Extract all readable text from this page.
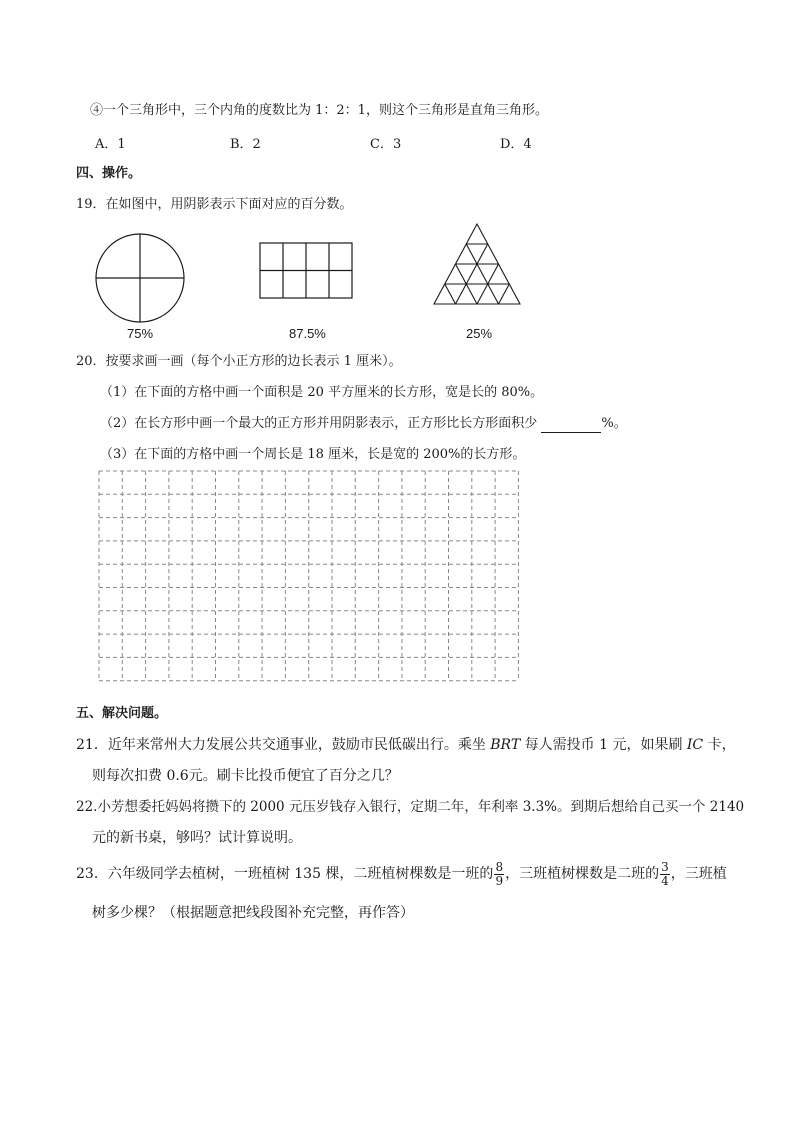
④一个三角形中，三个内角的度数比为 1：2：1，则这个三角形是直角三角形。
A．1	B．2	C．3	D．4
四、操作。
19．在如图中，用阴影表示下面对应的百分数。
75%	87.5%	25%
20．按要求画一画（每个小正方形的边长表示 1 厘米）。
（1）在下面的方格中画一个面积是 20 平方厘米的长方形，宽是长的 80%。
（2）在长方形中画一个最大的正方形并用阴影表示，正方形比长方形面积少	%。
（3）在下面的方格中画一个周长是 18 厘米，长是宽的 200%的长方形。
五、解决问题。
21．近年来常州大力发展公共交通事业，鼓励市民低碳出行。乘坐 BRT 每人需投币 1 元，如果刷 IC 卡，
则每次扣费 0.6元。刷卡比投币便宜了百分之几？
22.小芳想委托妈妈将攒下的 2000 元压岁钱存入银行，定期二年，年利率 3.3%。到期后想给自己买一个 2140
元的新书桌，够吗？试计算说明。
23．六年级同学去植树，一班植树 135 棵，二班植树棵数是一班的 $\frac{8}{9}$ ，三班植树棵数是二班的 $\frac{3}{4}$ ，三班植
树多少棵？（根据题意把线段图补充完整，再作答）
